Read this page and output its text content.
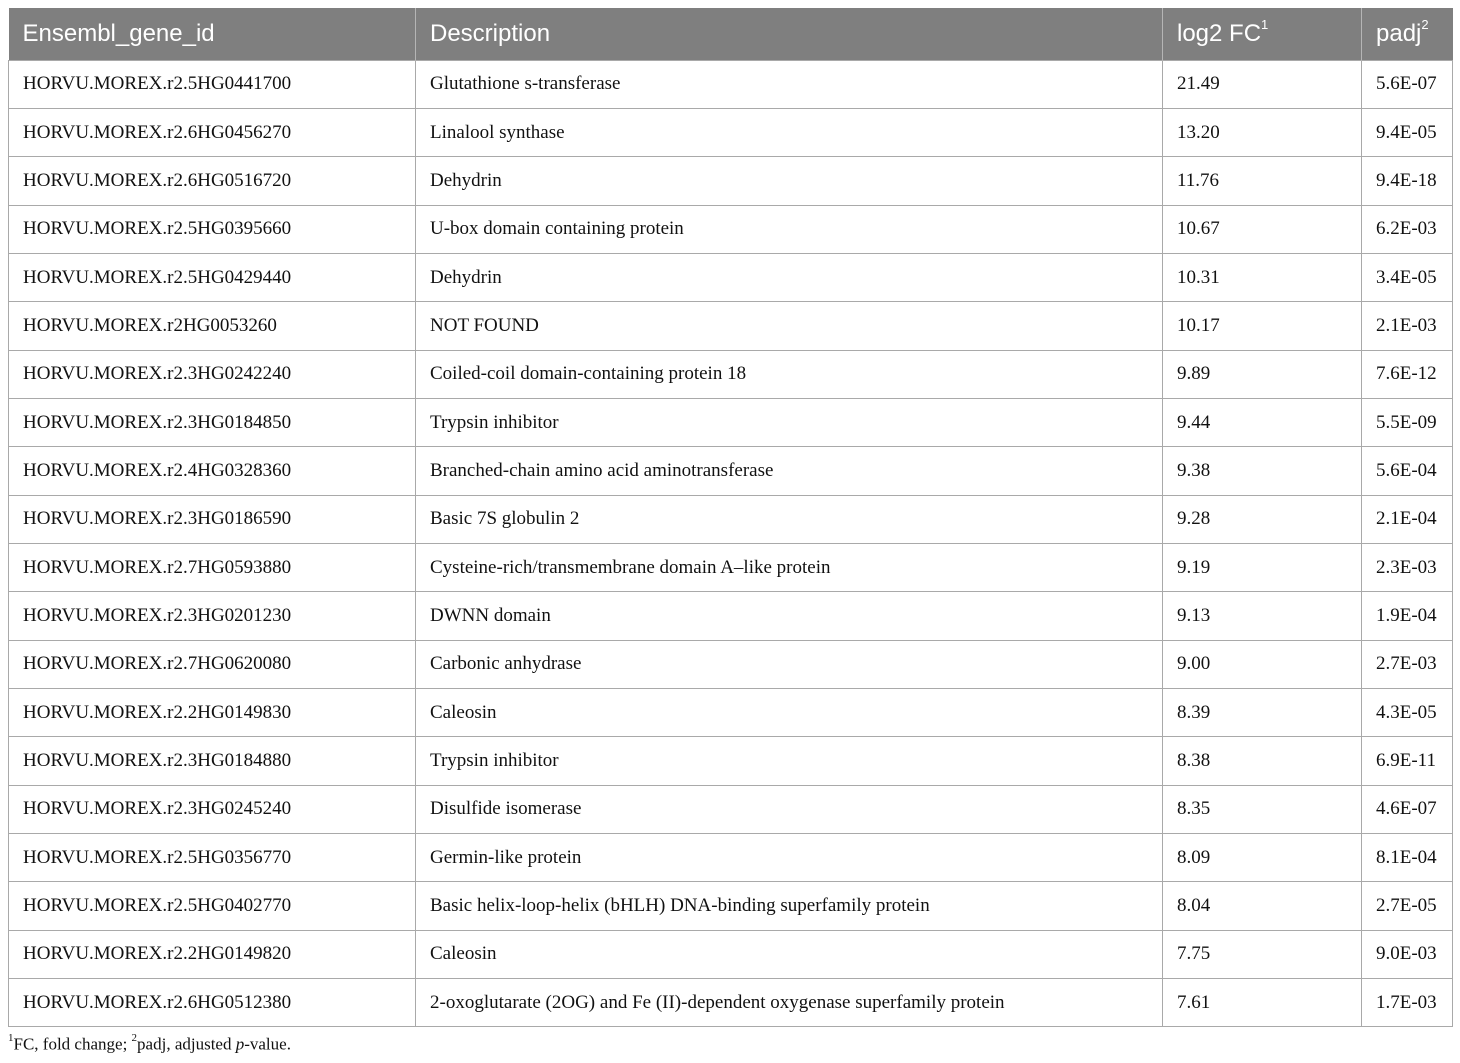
Ensembl_gene_id	Description	log2 $FC^1$	padj$^2$
HORVU.MOREX.r2.5HG0441700	Glutathione s-transferase	21.49	5.6E-07
HORVU.MOREX.r2.6HG0456270	Linalool synthase	13.20	9.4E-05
HORVU.MOREX.r2.6HG0516720	Dehydrin	11.76	9.4E-18
HORVU.MOREX.r2.5HG0395660	U-box domain containing protein	10.67	6.2E-03
HORVU.MOREX.r2.5HG0429440	Dehydrin	10.31	3.4E-05
HORVU.MOREX.r2HG0053260	NOT FOUND	10.17	2.1E-03
HORVU.MOREX.r2.3HG0242240	Coiled-coil domain-containing protein 18	9.89	7.6E-12
HORVU.MOREX.r2.3HG0184850	Trypsin inhibitor	9.44	5.5E-09
HORVU.MOREX.r2.4HG0328360	Branched-chain amino acid aminotransferase	9.38	5.6E-04
HORVU.MOREX.r2.3HG0186590	Basic 7S globulin 2	9.28	2.1E-04
HORVU.MOREX.r2.7HG0593880	Cysteine-rich/transmembrane domain A–like protein	9.19	2.3E-03
HORVU.MOREX.r2.3HG0201230	DWNN domain	9.13	1.9E-04
HORVU.MOREX.r2.7HG0620080	Carbonic anhydrase	9.00	2.7E-03
HORVU.MOREX.r2.2HG0149830	Caleosin	8.39	4.3E-05
HORVU.MOREX.r2.3HG0184880	Trypsin inhibitor	8.38	6.9E-11
HORVU.MOREX.r2.3HG0245240	Disulfide isomerase	8.35	4.6E-07
HORVU.MOREX.r2.5HG0356770	Germin-like protein	8.09	8.1E-04
HORVU.MOREX.r2.5HG0402770	Basic helix-loop-helix (bHLH) DNA-binding superfamily protein	8.04	2.7E-05
HORVU.MOREX.r2.2HG0149820	Caleosin	7.75	9.0E-03
HORVU.MOREX.r2.6HG0512380	2-oxoglutarate (2OG) and Fe (II)-dependent oxygenase superfamily protein	7.61	1.7E-03
$^1$FC, fold change; $^2$padj, adjusted p-value.
